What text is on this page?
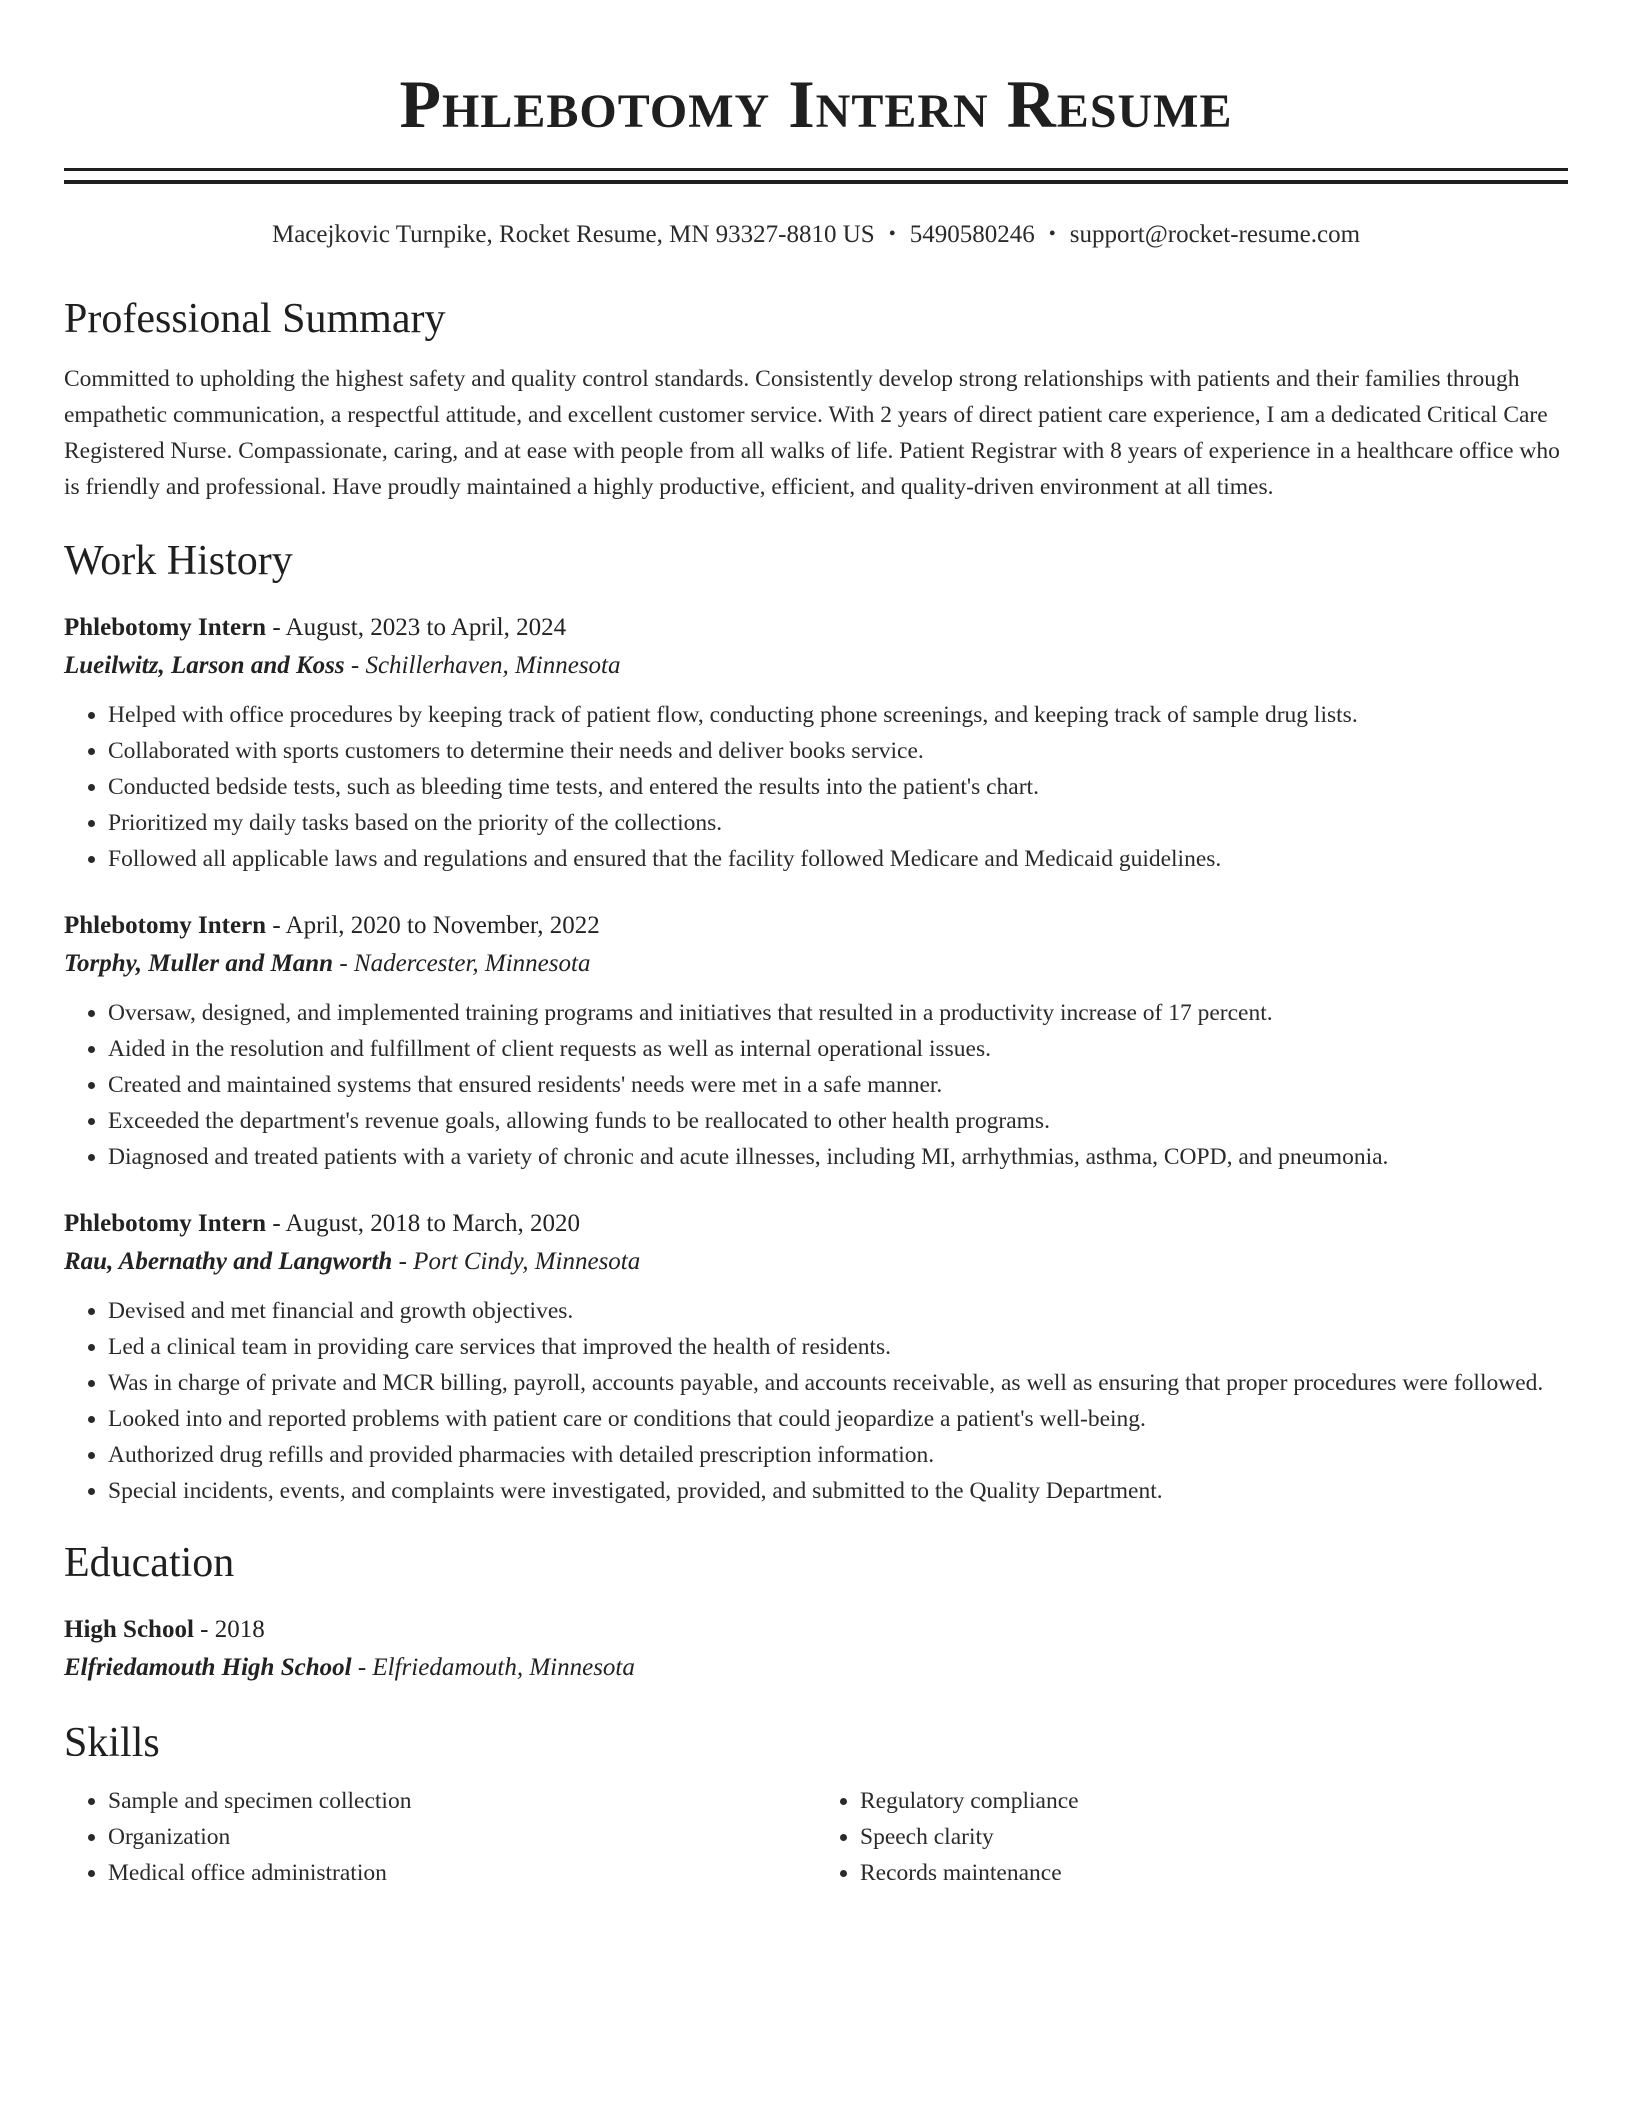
Phlebotomy Intern Resume
Macejkovic Turnpike, Rocket Resume, MN 93327-8810 US • 5490580246 • support@rocket-resume.com
Professional Summary
Committed to upholding the highest safety and quality control standards. Consistently develop strong relationships with patients and their families through empathetic communication, a respectful attitude, and excellent customer service. With 2 years of direct patient care experience, I am a dedicated Critical Care Registered Nurse. Compassionate, caring, and at ease with people from all walks of life. Patient Registrar with 8 years of experience in a healthcare office who is friendly and professional. Have proudly maintained a highly productive, efficient, and quality-driven environment at all times.
Work History
Phlebotomy Intern - August, 2023 to April, 2024
Lueilwitz, Larson and Koss - Schillerhaven, Minnesota
• Helped with office procedures by keeping track of patient flow, conducting phone screenings, and keeping track of sample drug lists.
• Collaborated with sports customers to determine their needs and deliver books service.
• Conducted bedside tests, such as bleeding time tests, and entered the results into the patient's chart.
• Prioritized my daily tasks based on the priority of the collections.
• Followed all applicable laws and regulations and ensured that the facility followed Medicare and Medicaid guidelines.
Phlebotomy Intern - April, 2020 to November, 2022
Torphy, Muller and Mann - Nadercester, Minnesota
• Oversaw, designed, and implemented training programs and initiatives that resulted in a productivity increase of 17 percent.
• Aided in the resolution and fulfillment of client requests as well as internal operational issues.
• Created and maintained systems that ensured residents' needs were met in a safe manner.
• Exceeded the department's revenue goals, allowing funds to be reallocated to other health programs.
• Diagnosed and treated patients with a variety of chronic and acute illnesses, including MI, arrhythmias, asthma, COPD, and pneumonia.
Phlebotomy Intern - August, 2018 to March, 2020
Rau, Abernathy and Langworth - Port Cindy, Minnesota
• Devised and met financial and growth objectives.
• Led a clinical team in providing care services that improved the health of residents.
• Was in charge of private and MCR billing, payroll, accounts payable, and accounts receivable, as well as ensuring that proper procedures were followed.
• Looked into and reported problems with patient care or conditions that could jeopardize a patient's well-being.
• Authorized drug refills and provided pharmacies with detailed prescription information.
• Special incidents, events, and complaints were investigated, provided, and submitted to the Quality Department.
Education
High School - 2018
Elfriedamouth High School - Elfriedamouth, Minnesota
Skills
• Sample and specimen collection
• Organization
• Medical office administration
• Regulatory compliance
• Speech clarity
• Records maintenance
